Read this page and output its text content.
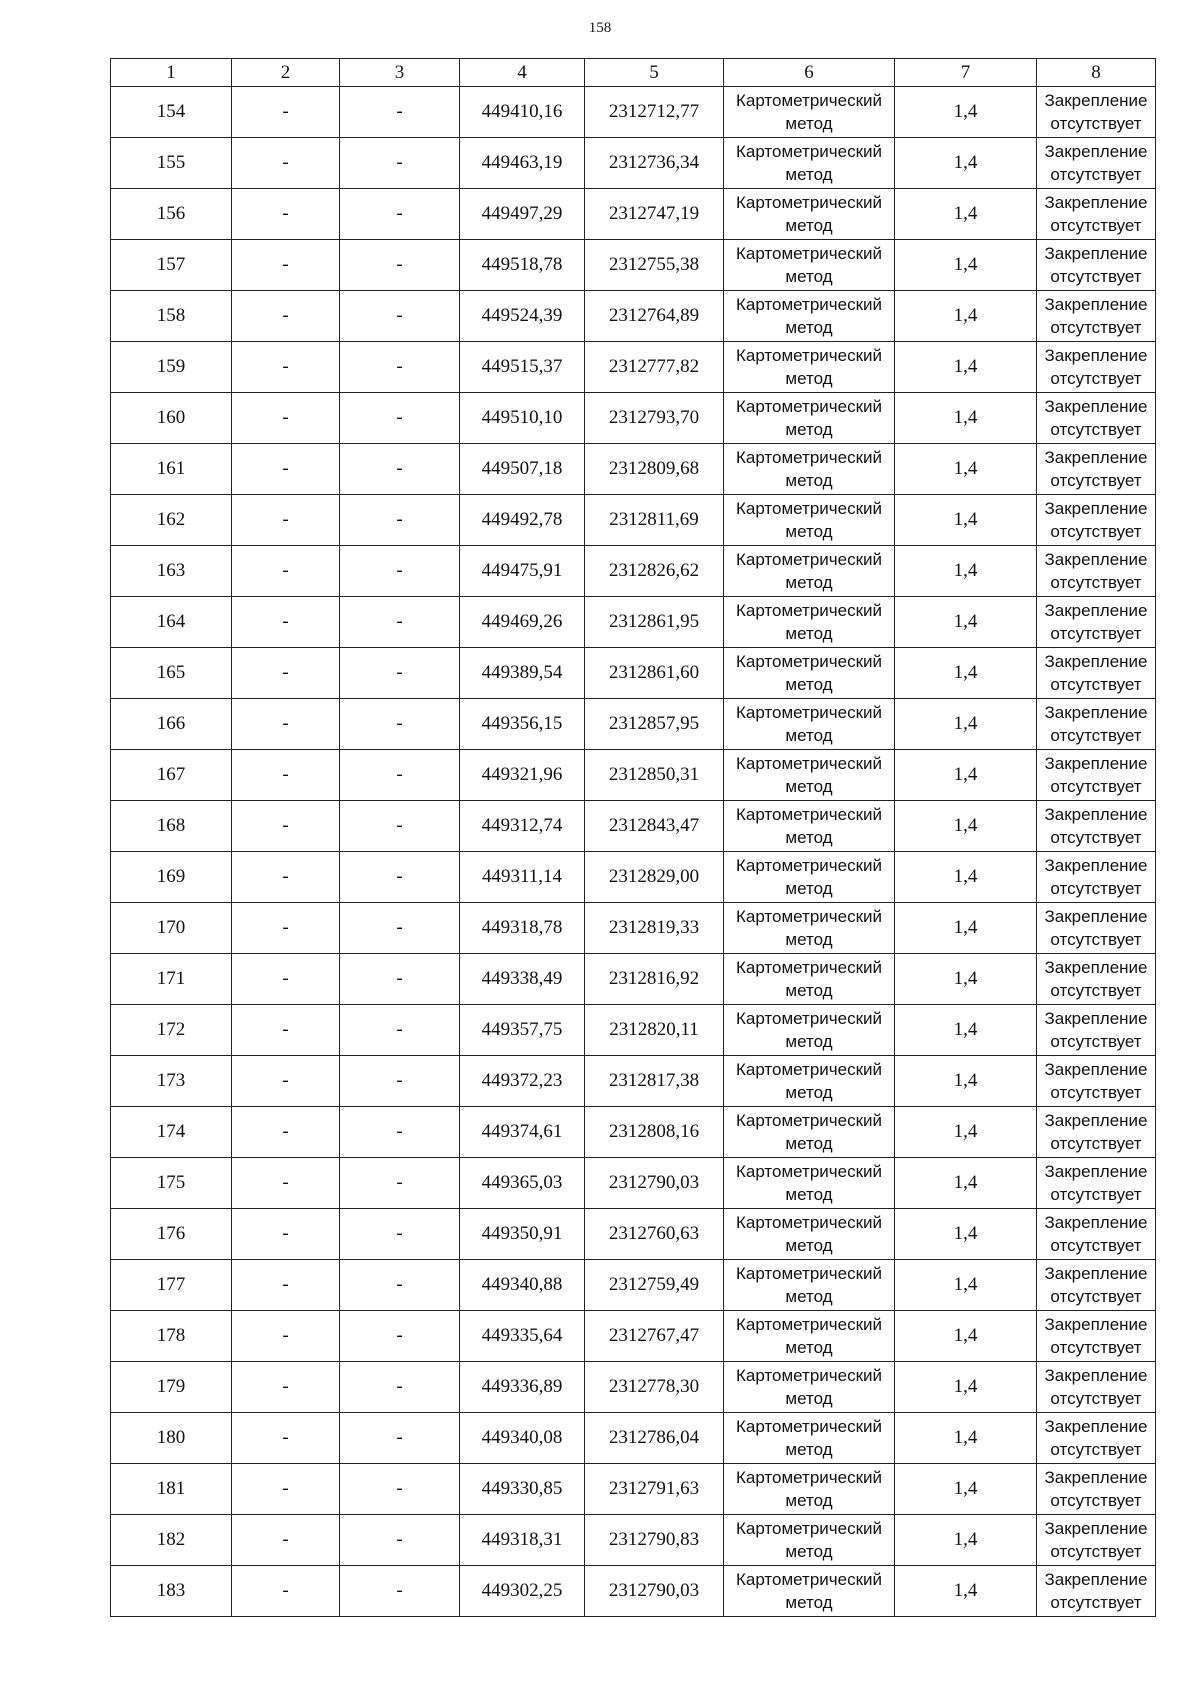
158
1	2	3	4	5	6	7	8
154	-	-	449410,16	2312712,77	Картометрический метод	1,4	Закрепление отсутствует
155	-	-	449463,19	2312736,34	Картометрический метод	1,4	Закрепление отсутствует
156	-	-	449497,29	2312747,19	Картометрический метод	1,4	Закрепление отсутствует
157	-	-	449518,78	2312755,38	Картометрический метод	1,4	Закрепление отсутствует
158	-	-	449524,39	2312764,89	Картометрический метод	1,4	Закрепление отсутствует
159	-	-	449515,37	2312777,82	Картометрический метод	1,4	Закрепление отсутствует
160	-	-	449510,10	2312793,70	Картометрический метод	1,4	Закрепление отсутствует
161	-	-	449507,18	2312809,68	Картометрический метод	1,4	Закрепление отсутствует
162	-	-	449492,78	2312811,69	Картометрический метод	1,4	Закрепление отсутствует
163	-	-	449475,91	2312826,62	Картометрический метод	1,4	Закрепление отсутствует
164	-	-	449469,26	2312861,95	Картометрический метод	1,4	Закрепление отсутствует
165	-	-	449389,54	2312861,60	Картометрический метод	1,4	Закрепление отсутствует
166	-	-	449356,15	2312857,95	Картометрический метод	1,4	Закрепление отсутствует
167	-	-	449321,96	2312850,31	Картометрический метод	1,4	Закрепление отсутствует
168	-	-	449312,74	2312843,47	Картометрический метод	1,4	Закрепление отсутствует
169	-	-	449311,14	2312829,00	Картометрический метод	1,4	Закрепление отсутствует
170	-	-	449318,78	2312819,33	Картометрический метод	1,4	Закрепление отсутствует
171	-	-	449338,49	2312816,92	Картометрический метод	1,4	Закрепление отсутствует
172	-	-	449357,75	2312820,11	Картометрический метод	1,4	Закрепление отсутствует
173	-	-	449372,23	2312817,38	Картометрический метод	1,4	Закрепление отсутствует
174	-	-	449374,61	2312808,16	Картометрический метод	1,4	Закрепление отсутствует
175	-	-	449365,03	2312790,03	Картометрический метод	1,4	Закрепление отсутствует
176	-	-	449350,91	2312760,63	Картометрический метод	1,4	Закрепление отсутствует
177	-	-	449340,88	2312759,49	Картометрический метод	1,4	Закрепление отсутствует
178	-	-	449335,64	2312767,47	Картометрический метод	1,4	Закрепление отсутствует
179	-	-	449336,89	2312778,30	Картометрический метод	1,4	Закрепление отсутствует
180	-	-	449340,08	2312786,04	Картометрический метод	1,4	Закрепление отсутствует
181	-	-	449330,85	2312791,63	Картометрический метод	1,4	Закрепление отсутствует
182	-	-	449318,31	2312790,83	Картометрический метод	1,4	Закрепление отсутствует
183	-	-	449302,25	2312790,03	Картометрический метод	1,4	Закрепление отсутствует
